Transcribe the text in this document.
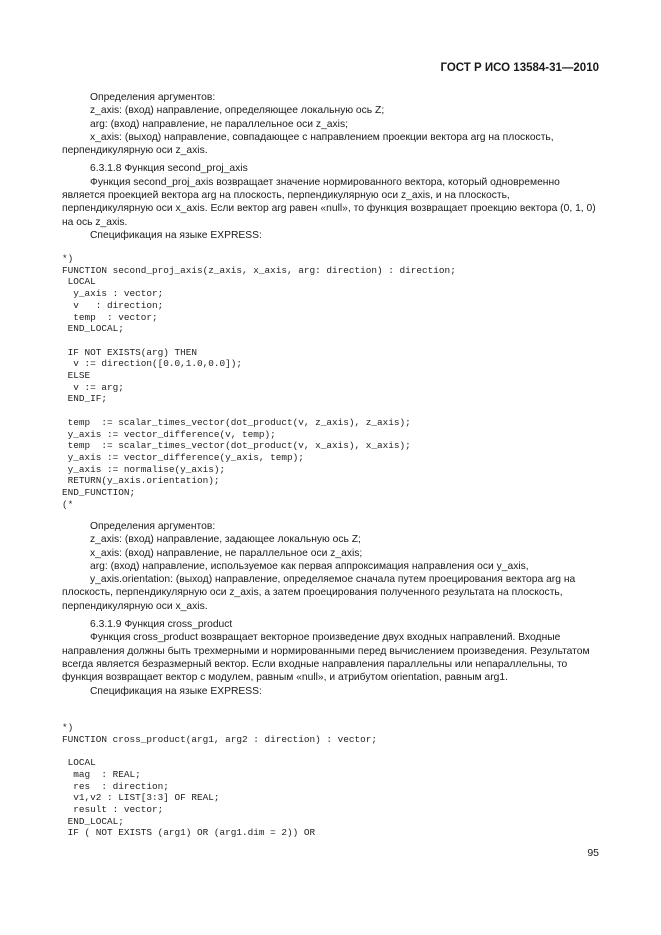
ГОСТ Р ИСО 13584-31—2010

Определения аргументов:

z_axis: (вход) направление, определяющее локальную ось Z;

arg: (вход) направление, не параллельное оси z_axis;

x_axis: (выход) направление, совпадающее с направлением проекции вектора arg на плоскость, перпендикулярную оси z_axis.

6.3.1.8 Функция second_proj_axis

Функция second_proj_axis возвращает значение нормированного вектора, который одновременно является проекцией вектора arg на плоскость, перпендикулярную оси z_axis, и на плоскость, перпендикулярную оси x_axis. Если вектор arg равен «null», то функция возвращает проекцию вектора (0, 1, 0) на ось z_axis.

Спецификация на языке EXPRESS:

*)
FUNCTION second_proj_axis(z_axis, x_axis, arg: direction) : direction;
LOCAL
y_axis : vector;
v   : direction;
temp  : vector;
END_LOCAL;

IF NOT EXISTS(arg) THEN
v := direction([0.0,1.0,0.0]);
ELSE
v := arg;
END_IF;

temp  := scalar_times_vector(dot_product(v, z_axis), z_axis);
y_axis := vector_difference(v, temp);
temp  := scalar_times_vector(dot_product(v, x_axis), x_axis);
y_axis := vector_difference(y_axis, temp);
y_axis := normalise(y_axis);
RETURN(y_axis.orientation);
END_FUNCTION;
(*

Определения аргументов:

z_axis: (вход) направление, задающее локальную ось Z;

x_axis: (вход) направление, не параллельное оси z_axis;

arg: (вход) направление, используемое как первая аппроксимация направления оси y_axis,

y_axis.orientation: (выход) направление, определяемое сначала путем проецирования вектора arg на плоскость, перпендикулярную оси z_axis, а затем проецирования полученного результата на плоскость, перпендикулярную оси x_axis.

6.3.1.9 Функция cross_product

Функция cross_product возвращает векторное произведение двух входных направлений. Входные направления должны быть трехмерными и нормированными перед вычислением произведения. Результатом всегда является безразмерный вектор. Если входные направления параллельны или непараллельны, то функция возвращает вектор с модулем, равным «null», и атрибутом orientation, равным arg1.

Спецификация на языке EXPRESS:

*)
FUNCTION cross_product(arg1, arg2 : direction) : vector;

LOCAL
mag  : REAL;
res  : direction;
v1,v2 : LIST[3:3] OF REAL;
result : vector;
END_LOCAL;
IF ( NOT EXISTS (arg1) OR (arg1.dim = 2)) OR
95
